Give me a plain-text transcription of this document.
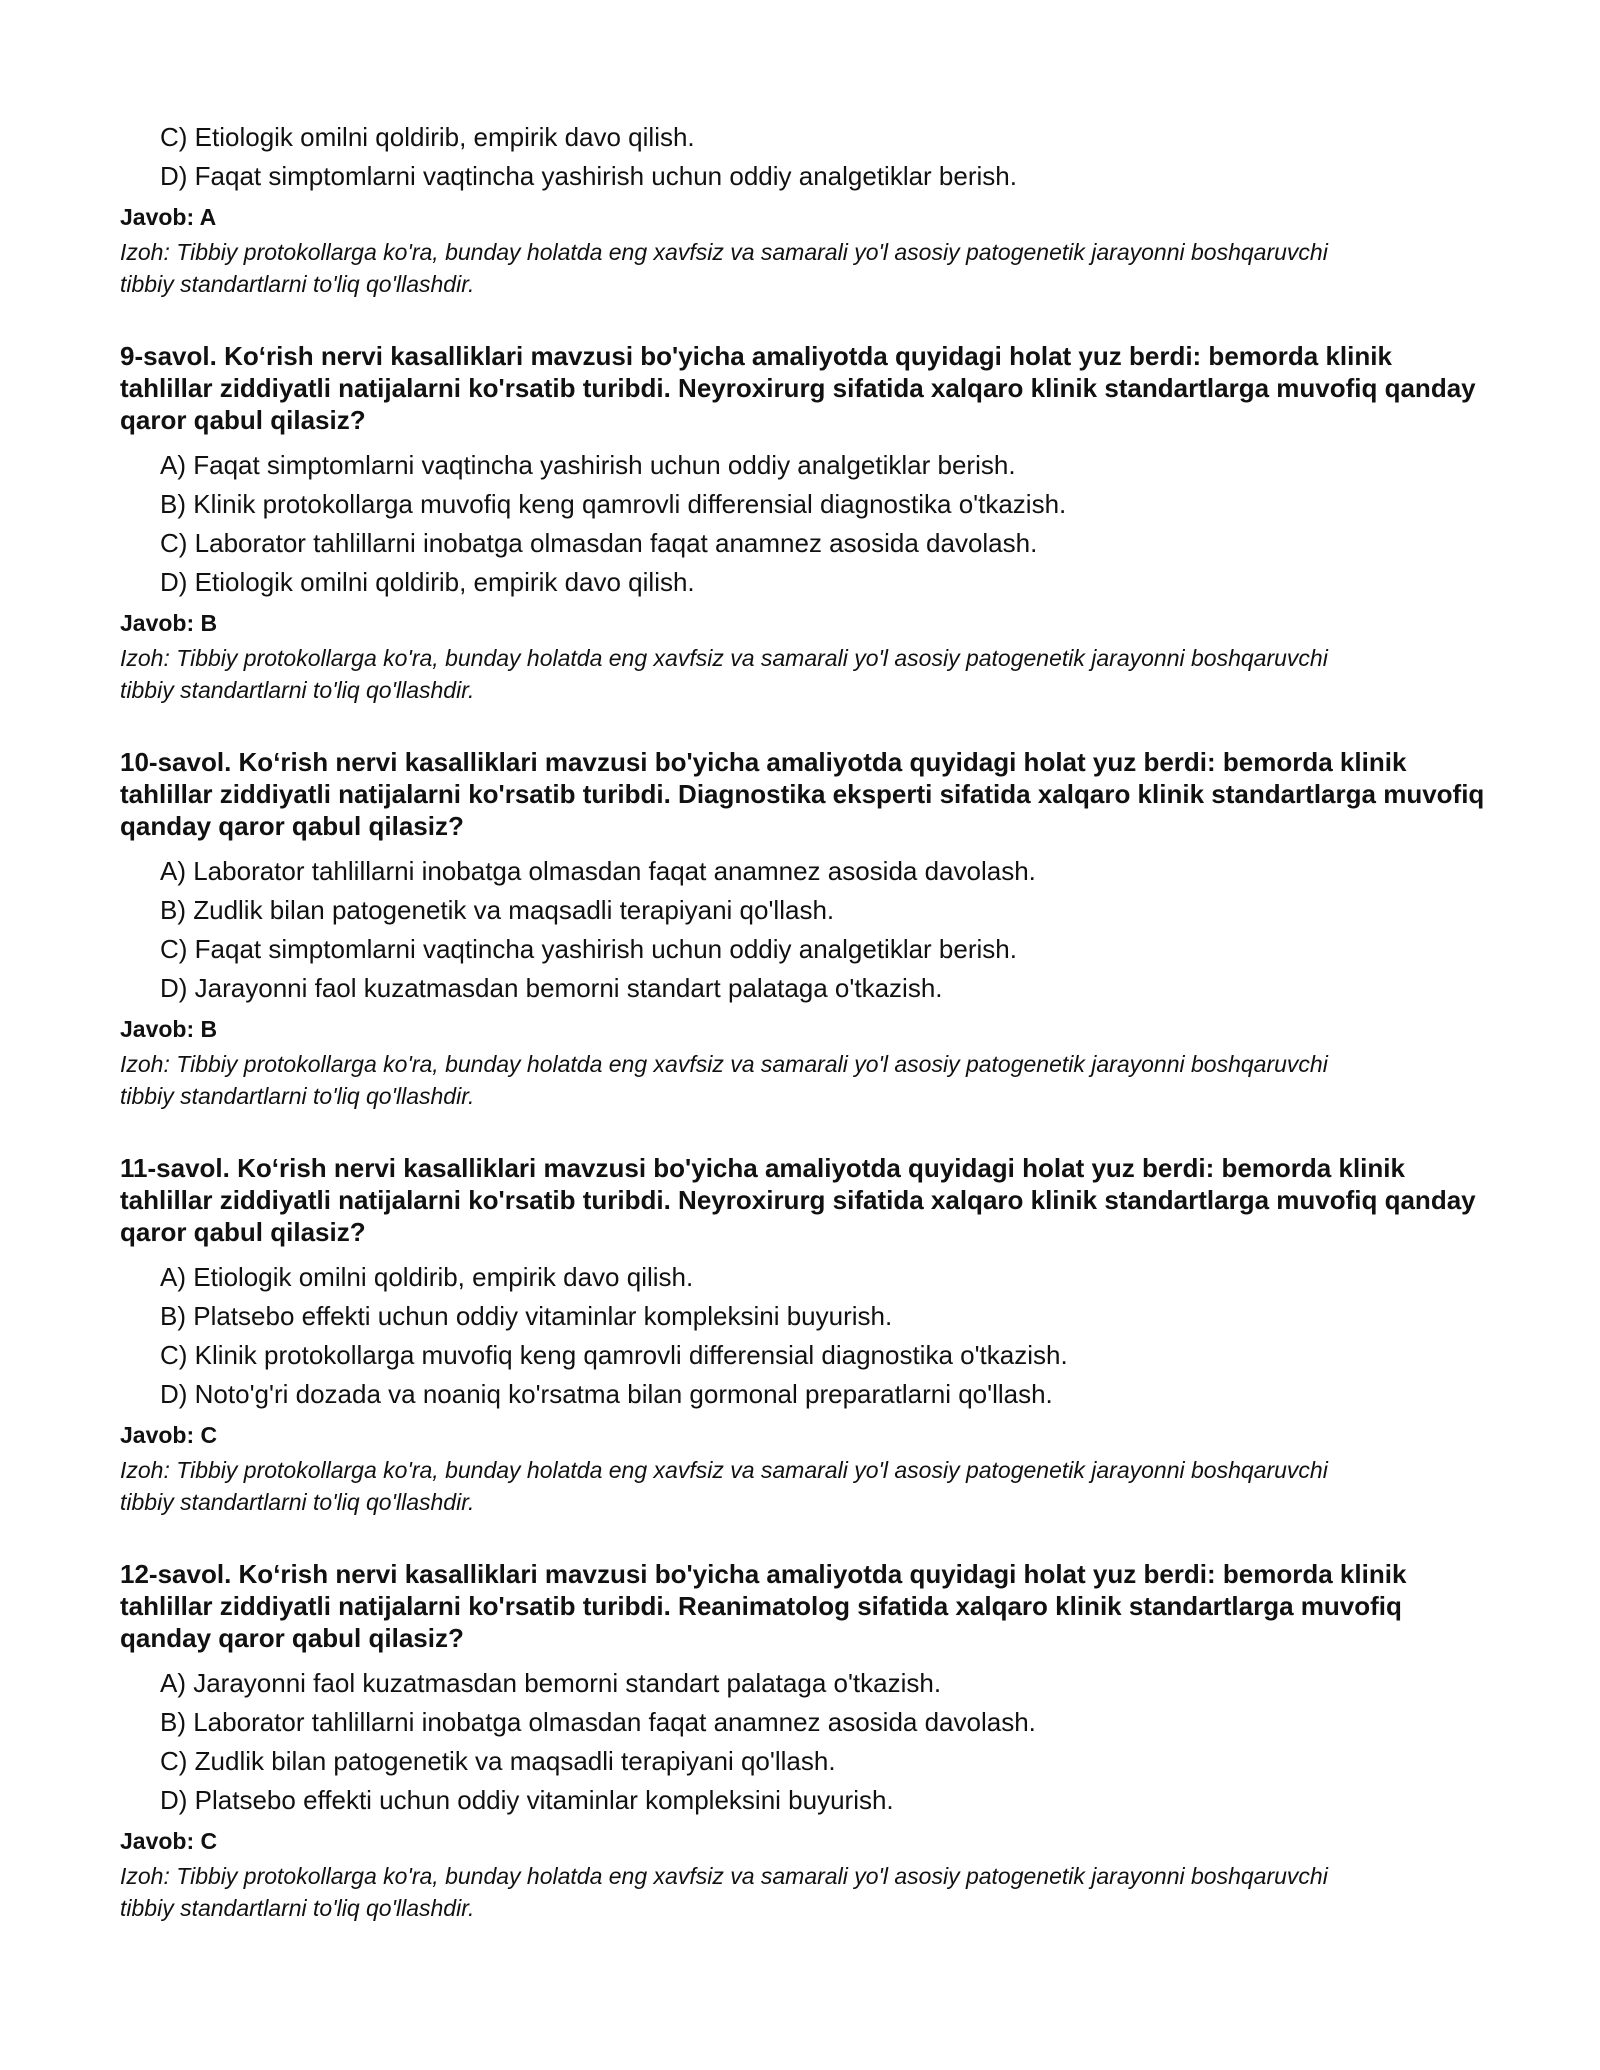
C) Etiologik omilni qoldirib, empirik davo qilish.
D) Faqat simptomlarni vaqtincha yashirish uchun oddiy analgetiklar berish.
Javob: A
Izoh: Tibbiy protokollarga ko'ra, bunday holatda eng xavfsiz va samarali yo'l asosiy patogenetik jarayonni boshqaruvchi tibbiy standartlarni to'liq qo'llashdir.
9-savol. Ko‘rish nervi kasalliklari mavzusi bo'yicha amaliyotda quyidagi holat yuz berdi: bemorda klinik tahlillar ziddiyatli natijalarni ko'rsatib turibdi. Neyroxirurg sifatida xalqaro klinik standartlarga muvofiq qanday qaror qabul qilasiz?
A) Faqat simptomlarni vaqtincha yashirish uchun oddiy analgetiklar berish.
B) Klinik protokollarga muvofiq keng qamrovli differensial diagnostika o'tkazish.
C) Laborator tahlillarni inobatga olmasdan faqat anamnez asosida davolash.
D) Etiologik omilni qoldirib, empirik davo qilish.
Javob: B
Izoh: Tibbiy protokollarga ko'ra, bunday holatda eng xavfsiz va samarali yo'l asosiy patogenetik jarayonni boshqaruvchi tibbiy standartlarni to'liq qo'llashdir.
10-savol. Ko‘rish nervi kasalliklari mavzusi bo'yicha amaliyotda quyidagi holat yuz berdi: bemorda klinik tahlillar ziddiyatli natijalarni ko'rsatib turibdi. Diagnostika eksperti sifatida xalqaro klinik standartlarga muvofiq qanday qaror qabul qilasiz?
A) Laborator tahlillarni inobatga olmasdan faqat anamnez asosida davolash.
B) Zudlik bilan patogenetik va maqsadli terapiyani qo'llash.
C) Faqat simptomlarni vaqtincha yashirish uchun oddiy analgetiklar berish.
D) Jarayonni faol kuzatmasdan bemorni standart palataga o'tkazish.
Javob: B
Izoh: Tibbiy protokollarga ko'ra, bunday holatda eng xavfsiz va samarali yo'l asosiy patogenetik jarayonni boshqaruvchi tibbiy standartlarni to'liq qo'llashdir.
11-savol. Ko‘rish nervi kasalliklari mavzusi bo'yicha amaliyotda quyidagi holat yuz berdi: bemorda klinik tahlillar ziddiyatli natijalarni ko'rsatib turibdi. Neyroxirurg sifatida xalqaro klinik standartlarga muvofiq qanday qaror qabul qilasiz?
A) Etiologik omilni qoldirib, empirik davo qilish.
B) Platsebo effekti uchun oddiy vitaminlar kompleksini buyurish.
C) Klinik protokollarga muvofiq keng qamrovli differensial diagnostika o'tkazish.
D) Noto'g'ri dozada va noaniq ko'rsatma bilan gormonal preparatlarni qo'llash.
Javob: C
Izoh: Tibbiy protokollarga ko'ra, bunday holatda eng xavfsiz va samarali yo'l asosiy patogenetik jarayonni boshqaruvchi tibbiy standartlarni to'liq qo'llashdir.
12-savol. Ko‘rish nervi kasalliklari mavzusi bo'yicha amaliyotda quyidagi holat yuz berdi: bemorda klinik tahlillar ziddiyatli natijalarni ko'rsatib turibdi. Reanimatolog sifatida xalqaro klinik standartlarga muvofiq qanday qaror qabul qilasiz?
A) Jarayonni faol kuzatmasdan bemorni standart palataga o'tkazish.
B) Laborator tahlillarni inobatga olmasdan faqat anamnez asosida davolash.
C) Zudlik bilan patogenetik va maqsadli terapiyani qo'llash.
D) Platsebo effekti uchun oddiy vitaminlar kompleksini buyurish.
Javob: C
Izoh: Tibbiy protokollarga ko'ra, bunday holatda eng xavfsiz va samarali yo'l asosiy patogenetik jarayonni boshqaruvchi tibbiy standartlarni to'liq qo'llashdir.
